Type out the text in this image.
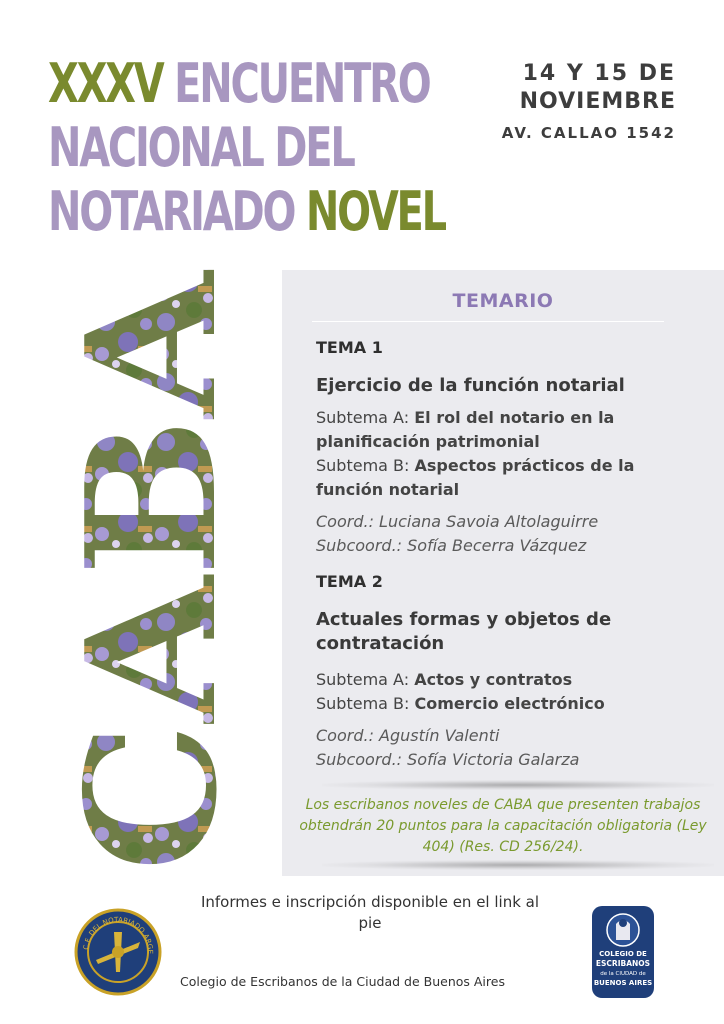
XXXV ENCUENTRO
NACIONAL DEL
NOTARIADO NOVEL
14 Y 15 DE
NOVIEMBRE
AV. CALLAO 1542
CABA
TEMARIO
TEMA 1
Ejercicio de la función notarial
Subtema A: El rol del notario en la planificación patrimonial
Subtema B: Aspectos prácticos de la función notarial
Coord.: Luciana Savoia Altolaguirre
Subcoord.: Sofía Becerra Vázquez
TEMA 2
Actuales formas y objetos de contratación
Subtema A: Actos y contratos
Subtema B: Comercio electrónico
Coord.: Agustín Valenti
Subcoord.: Sofía Victoria Galarza
Los escribanos noveles de CABA que presenten trabajos obtendrán 20 puntos para la capacitación obligatoria (Ley 404) (Res. CD 256/24).
Informes e inscripción disponible en el link al pie
C.F. DEL NOTARIADO ARGE
Colegio de Escribanos de la Ciudad de Buenos Aires
COLEGIO DE
ESCRIBANOS
de la CIUDAD de
BUENOS AIRES
